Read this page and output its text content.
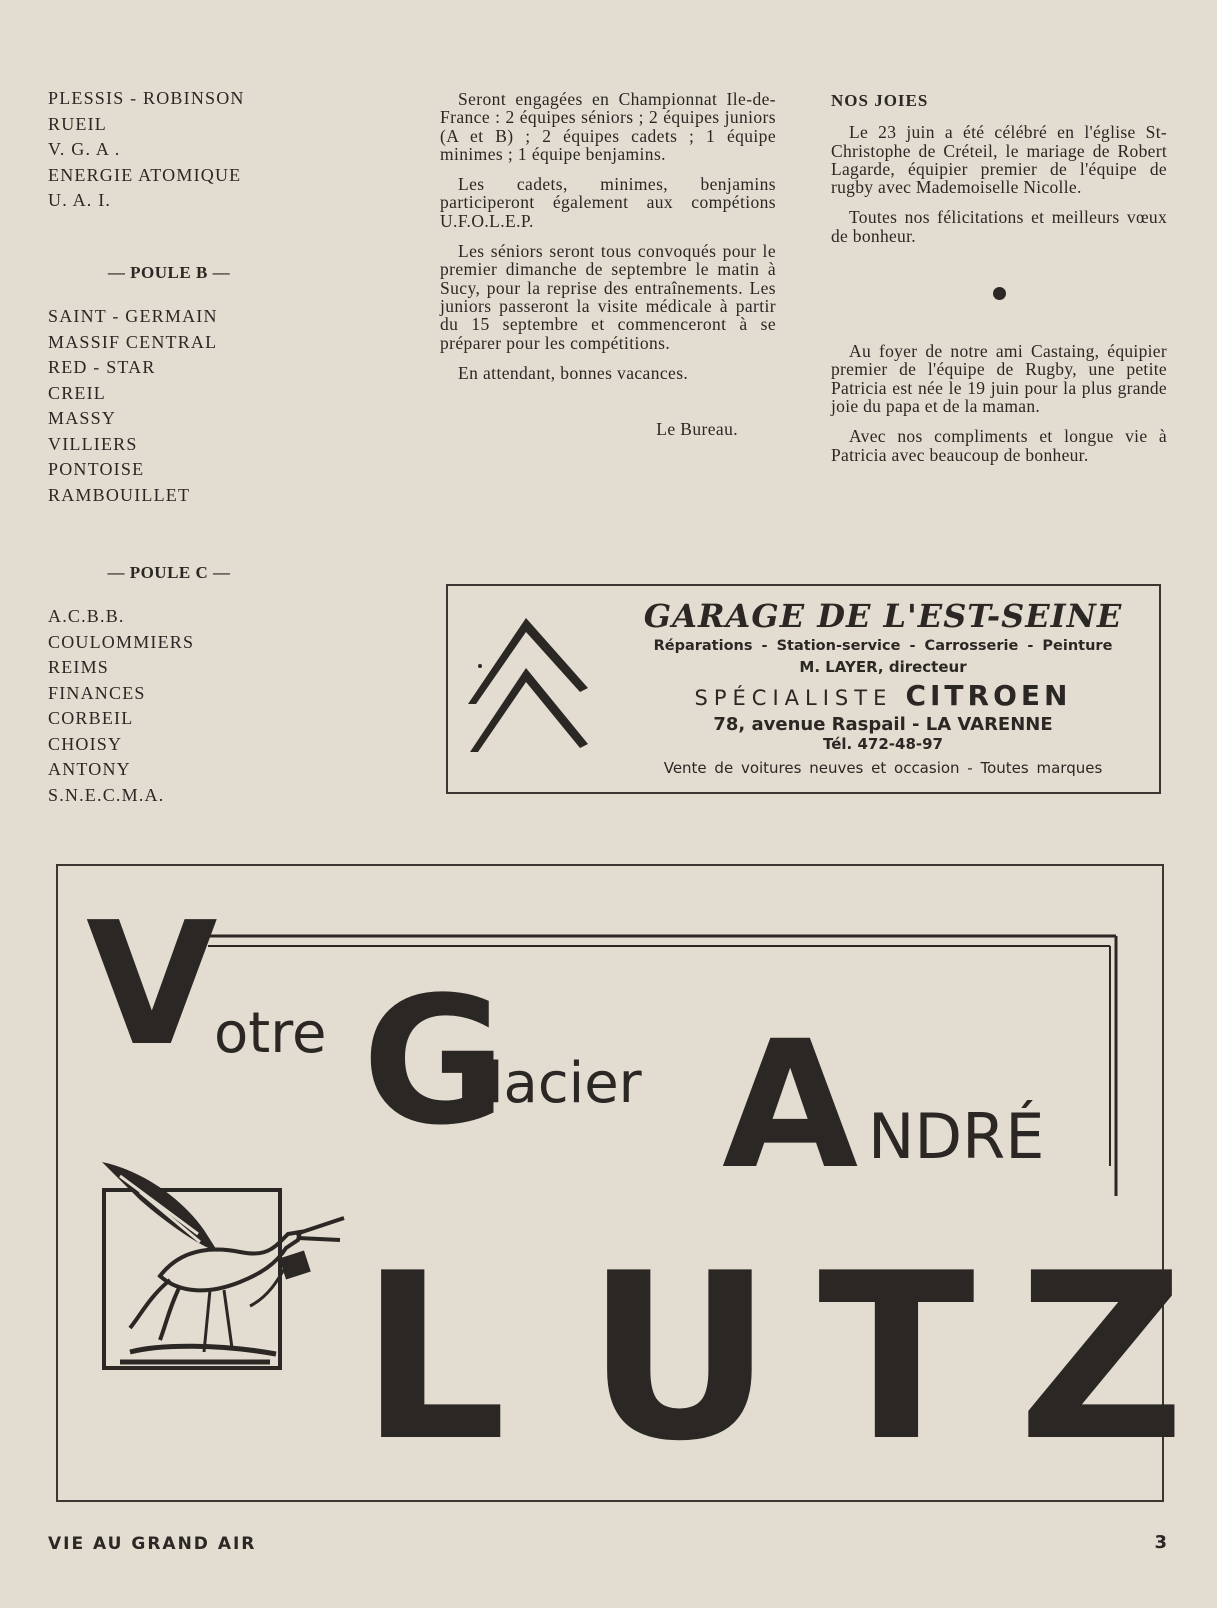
PLESSIS - ROBINSON
RUEIL
V. G. A .
ENERGIE ATOMIQUE
U. A. I.

— POULE B —

SAINT - GERMAIN
MASSIF CENTRAL
RED - STAR
CREIL
MASSY
VILLIERS
PONTOISE
RAMBOUILLET

— POULE C —

A.C.B.B.
COULOMMIERS
REIMS
FINANCES
CORBEIL
CHOISY
ANTONY
S.N.E.C.M.A.

Seront engagées en Championnat Ile-de-France : 2 équipes séniors ; 2 équipes juniors (A et B) ; 2 équipes cadets ; 1 équipe minimes ; 1 équipe benjamins.

Les cadets, minimes, benjamins participeront également aux compétions U.F.O.L.E.P.

Les séniors seront tous convoqués pour le premier dimanche de septembre le matin à Sucy, pour la reprise des entraînements. Les juniors passeront la visite médicale à partir du 15 septembre et commenceront à se préparer pour les compétitions.

En attendant, bonnes vacances.

Le Bureau.

NOS JOIES

Le 23 juin a été célébré en l'église St-Christophe de Créteil, le mariage de Robert Lagarde, équipier premier de l'équipe de rugby avec Mademoiselle Nicolle.

Toutes nos félicitations et meilleurs vœux de bonheur.

Au foyer de notre ami Castaing, équipier premier de l'équipe de Rugby, une petite Patricia est née le 19 juin pour la plus grande joie du papa et de la maman.

Avec nos compliments et longue vie à Patricia avec beaucoup de bonheur.

GARAGE DE L'EST-SEINE

Réparations - Station-service - Carrosserie - Peinture
M. LAYER, directeur
SPÉCIALISTE CITROEN
78, avenue Raspail - LA VARENNE
Tél. 472-48-97
Vente de voitures neuves et occasion - Toutes marques
V
otre G
lacier A NDRÉ
L U T Z
VIE AU GRAND AIR	3
